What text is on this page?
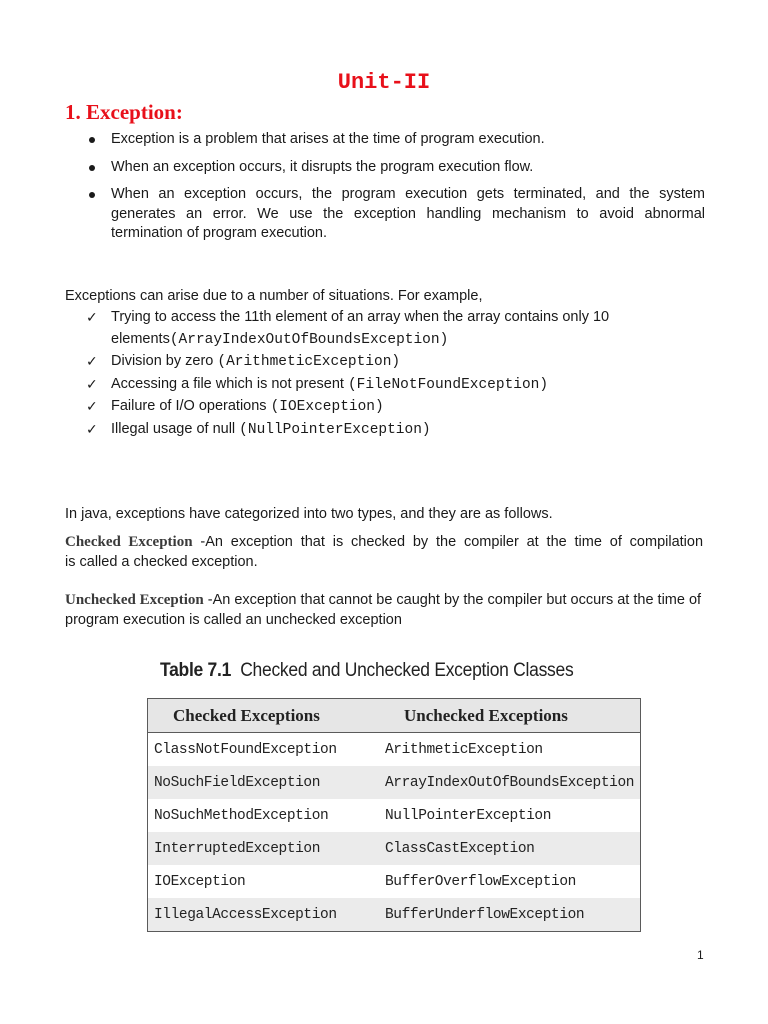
Unit-II
1. Exception:
Exception is a problem that arises at the time of program execution.
When an exception occurs, it disrupts the program execution flow.
When an exception occurs, the program execution gets terminated, and the system generates an error. We use the exception handling mechanism to avoid abnormal termination of program execution.
Exceptions can arise due to a number of situations. For example,
✓ Trying to access the 11th element of an array when the array contains only 10 elements(ArrayIndexOutOfBoundsException)
✓ Division by zero (ArithmeticException)
✓ Accessing a file which is not present (FileNotFoundException)
✓ Failure of I/O operations (IOException)
✓ Illegal usage of null (NullPointerException)
In java, exceptions have categorized into two types, and they are as follows.
Checked Exception -An exception that is checked by the compiler at the time of compilation
is called a checked exception.
Unchecked Exception -An exception that cannot be caught by the compiler but occurs at the time of program execution is called an unchecked exception
Table 7.1 Checked and Unchecked Exception Classes
Checked Exceptions	Unchecked Exceptions
ClassNotFoundException	ArithmeticException
NoSuchFieldException	ArrayIndexOutOfBoundsException
NoSuchMethodException	NullPointerException
InterruptedException	ClassCastException
IOException	BufferOverflowException
IllegalAccessException	BufferUnderflowException
1
